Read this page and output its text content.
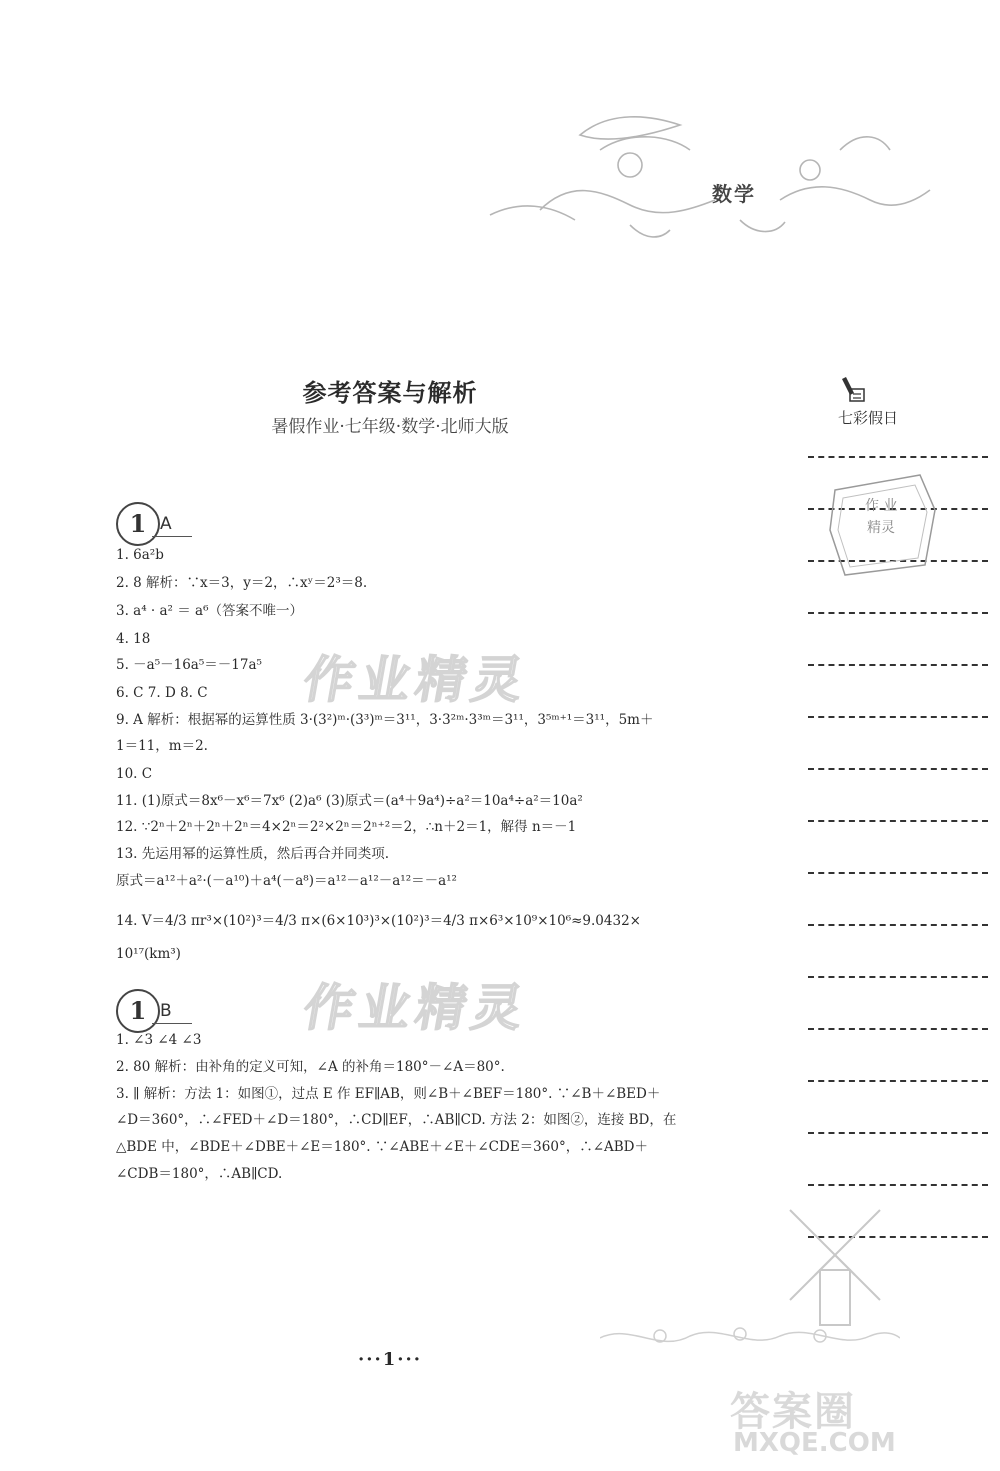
数学
参考答案与解析
暑假作业·七年级·数学·北师大版	七彩假日
作 业
精灵
1 A
1. 6a²b
2. 8 解析：∵x＝3，y＝2，∴xʸ＝2³＝8.
3. a⁴ · a² ＝ a⁶（答案不唯一）
4. 18
5. －a⁵－16a⁵＝－17a⁵
6. C 7. D 8. C
9. A 解析：根据幂的运算性质 3·(3²)ᵐ·(3³)ᵐ＝3¹¹，3·3²ᵐ·3³ᵐ＝3¹¹，3⁵ᵐ⁺¹＝3¹¹，5m＋
1＝11，m＝2.
10. C
11. (1)原式＝8x⁶－x⁶＝7x⁶ (2)a⁶ (3)原式＝(a⁴＋9a⁴)÷a²＝10a⁴÷a²＝10a²
12. ∵2ⁿ＋2ⁿ＋2ⁿ＋2ⁿ＝4×2ⁿ＝2²×2ⁿ＝2ⁿ⁺²＝2，∴n＋2＝1，解得 n＝－1
13. 先运用幂的运算性质，然后再合并同类项.
原式＝a¹²＋a²·(－a¹⁰)＋a⁴(－a⁸)＝a¹²－a¹²－a¹²＝－a¹²
14. V＝4/3 πr³×(10²)³＝4/3 π×(6×10³)³×(10²)³＝4/3 π×6³×10⁹×10⁶≈9.0432×
10¹⁷(km³)
作业精灵
作业精灵
1 B
1. ∠3 ∠4 ∠3
2. 80 解析：由补角的定义可知，∠A 的补角＝180°－∠A＝80°.
3. ∥ 解析：方法 1：如图①，过点 E 作 EF∥AB，则∠B＋∠BEF＝180°. ∵∠B＋∠BED＋
∠D＝360°，∴∠FED＋∠D＝180°，∴CD∥EF，∴AB∥CD. 方法 2：如图②，连接 BD，在
△BDE 中，∠BDE＋∠DBE＋∠E＝180°. ∵∠ABE＋∠E＋∠CDE＝360°，∴∠ABD＋
∠CDB＝180°，∴AB∥CD.
···1···
答案圈
MXQE.COM
